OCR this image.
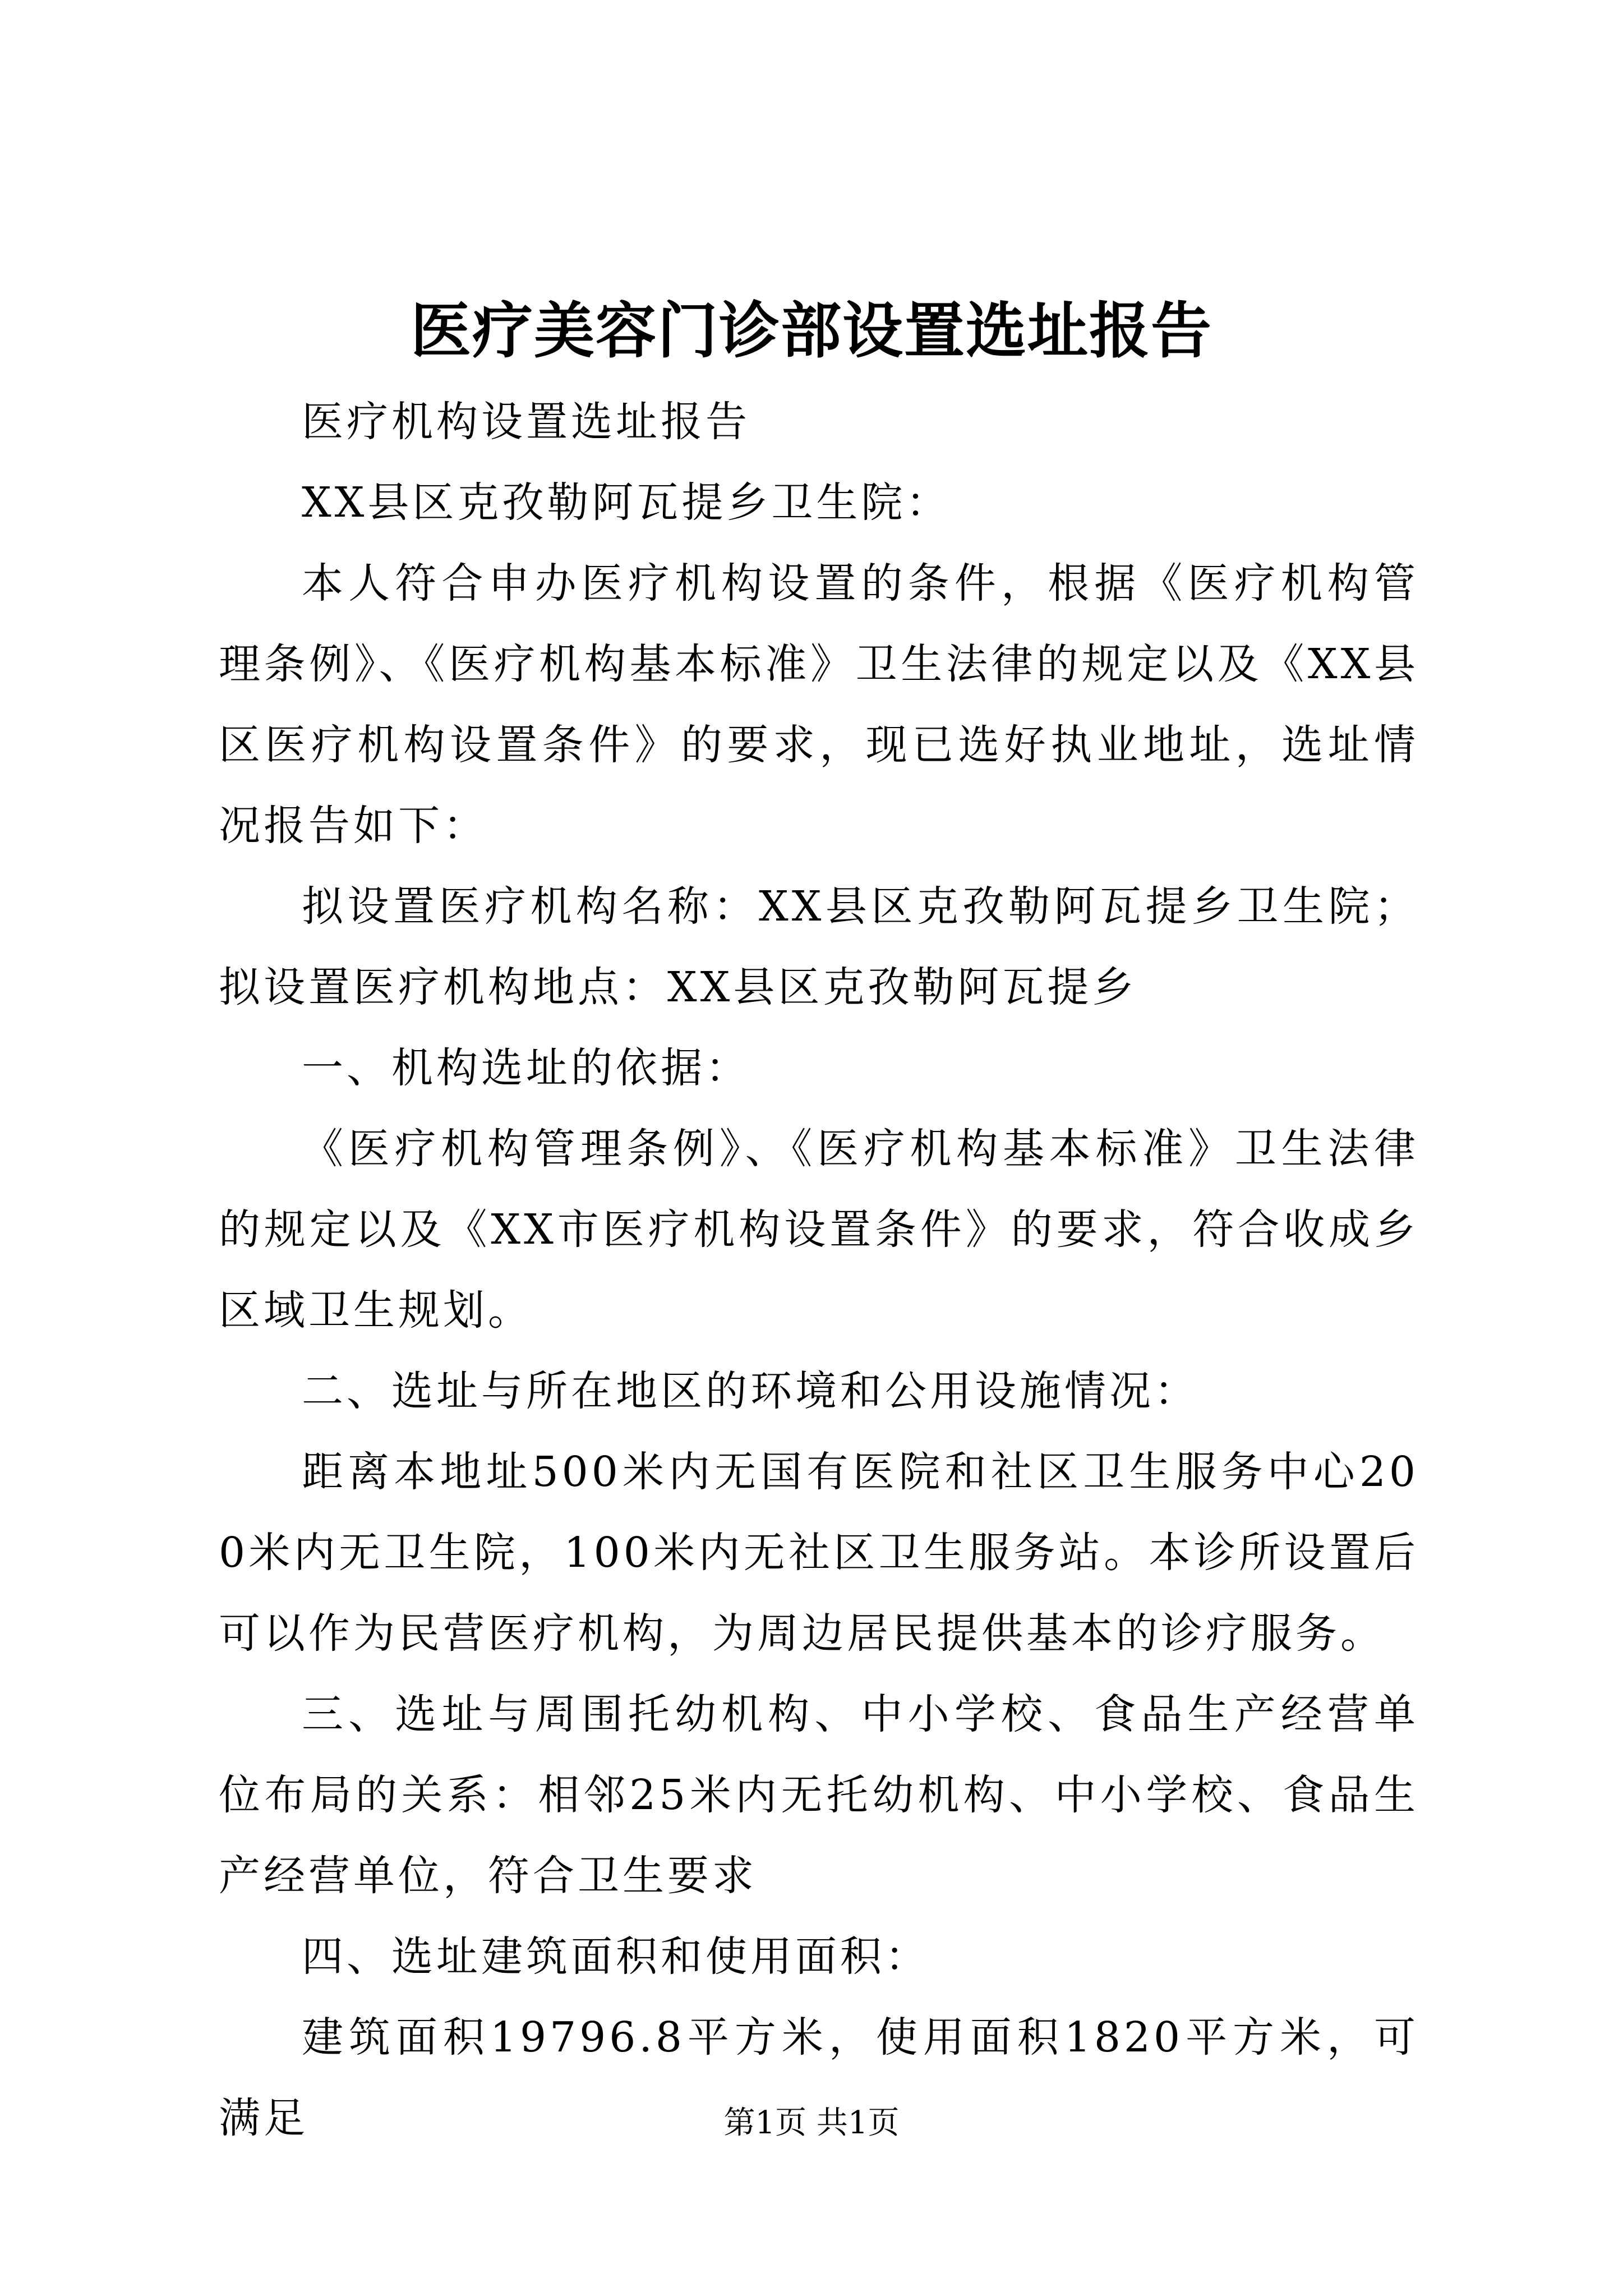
医疗美容门诊部设置选址报告

医疗机构设置选址报告

XX县区克孜勒阿瓦提乡卫生院：

本人符合申办医疗机构设置的条件，根据《医疗机构管理条例》、《医疗机构基本标准》卫生法律的规定以及《XX县区医疗机构设置条件》的要求，现已选好执业地址，选址情况报告如下：

拟设置医疗机构名称：XX县区克孜勒阿瓦提乡卫生院；拟设置医疗机构地点：XX县区克孜勒阿瓦提乡

一、机构选址的依据：

《医疗机构管理条例》、《医疗机构基本标准》卫生法律的规定以及《XX市医疗机构设置条件》的要求，符合收成乡区域卫生规划。

二、选址与所在地区的环境和公用设施情况：

距离本地址500米内无国有医院和社区卫生服务中心200米内无卫生院，100米内无社区卫生服务站。本诊所设置后可以作为民营医疗机构，为周边居民提供基本的诊疗服务。

三、选址与周围托幼机构、中小学校、食品生产经营单位布局的关系：相邻25米内无托幼机构、中小学校、食品生产经营单位，符合卫生要求

四、选址建筑面积和使用面积：

建筑面积19796.8平方米，使用面积1820平方米，可满足	第1页 共1页
